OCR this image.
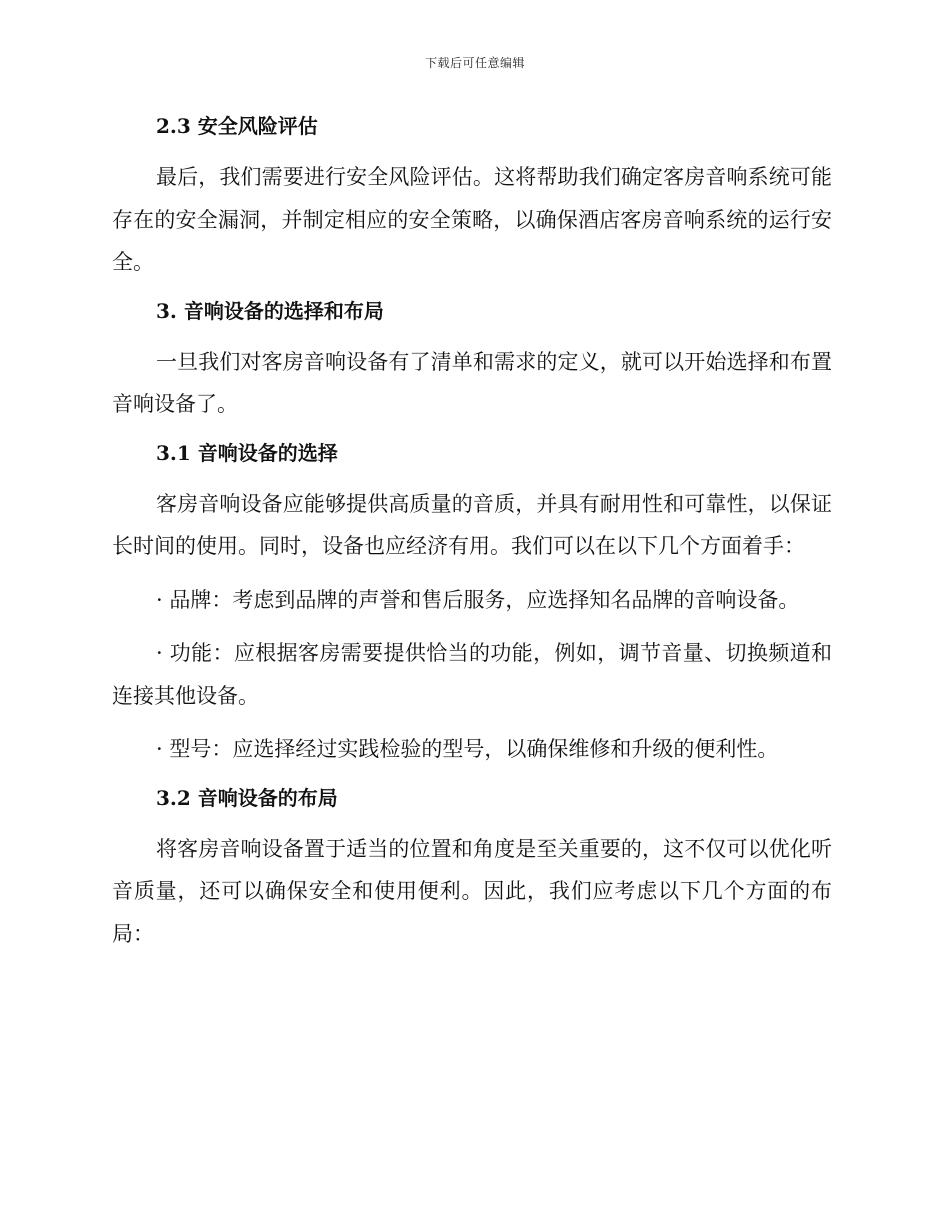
下载后可任意编辑
2.3 安全风险评估

最后，我们需要进行安全风险评估。这将帮助我们确定客房音响系统可能存在的安全漏洞，并制定相应的安全策略，以确保酒店客房音响系统的运行安全。

3. 音响设备的选择和布局

一旦我们对客房音响设备有了清单和需求的定义，就可以开始选择和布置音响设备了。

3.1 音响设备的选择

客房音响设备应能够提供高质量的音质，并具有耐用性和可靠性，以保证长时间的使用。同时，设备也应经济有用。我们可以在以下几个方面着手：

· 品牌：考虑到品牌的声誉和售后服务，应选择知名品牌的音响设备。

· 功能：应根据客房需要提供恰当的功能，例如，调节音量、切换频道和连接其他设备。

· 型号：应选择经过实践检验的型号，以确保维修和升级的便利性。

3.2 音响设备的布局

将客房音响设备置于适当的位置和角度是至关重要的，这不仅可以优化听音质量，还可以确保安全和使用便利。因此，我们应考虑以下几个方面的布局：
